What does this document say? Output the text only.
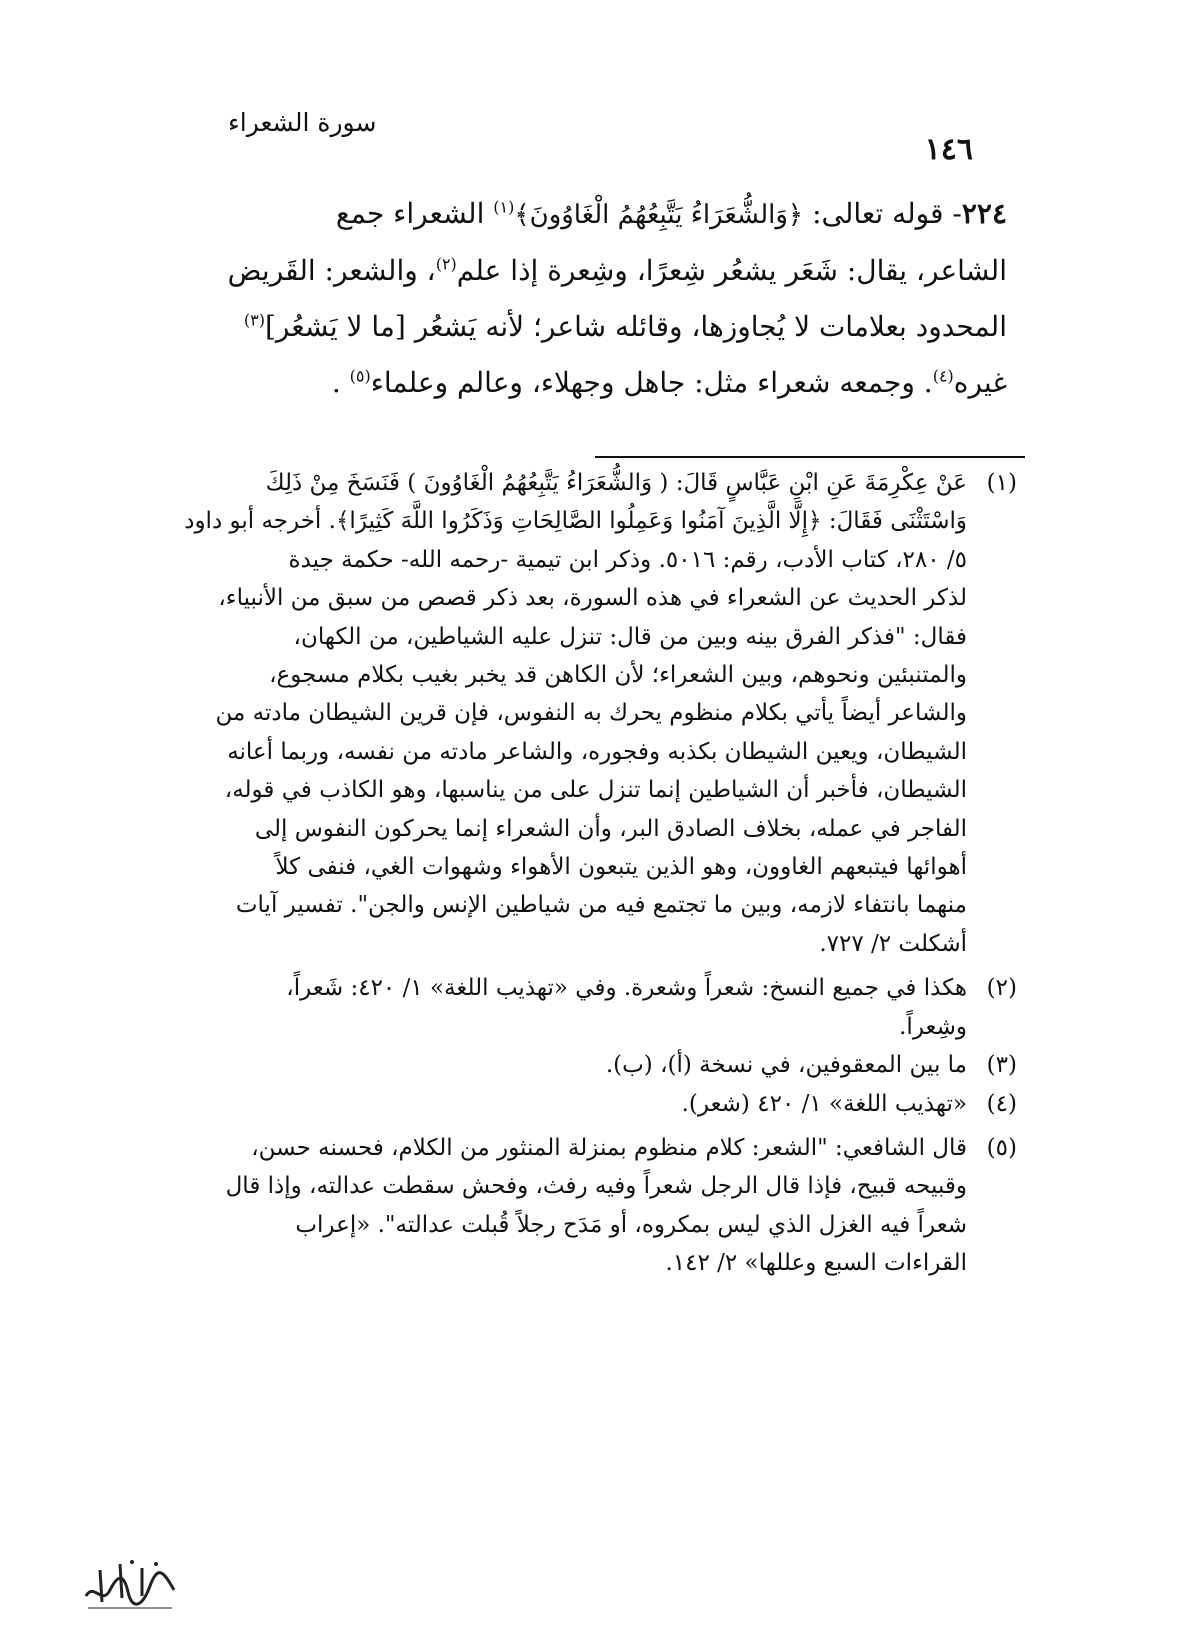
سورة الشعراء
١٤٦
٢٢٤- قوله تعالى: ﴿وَالشُّعَرَاءُ يَتَّبِعُهُمُ الْغَاوُونَ﴾$^{(١)}$ الشعراء جمع
الشاعر، يقال: شَعَر يشعُر شِعرًا، وشِعرة إذا علم$^{(٢)}$، والشعر: القَريض
المحدود بعلامات لا يُجاوزها، وقائله شاعر؛ لأنه يَشعُر [ما لا يَشعُر]$^{(٣)}$
غيره$^{(٤)}$. وجمعه شعراء مثل: جاهل وجهلاء، وعالم وعلماء$^{(٥)}$ .
(١)
عَنْ عِكْرِمَةَ عَنِ ابْنِ عَبَّاسٍ قَالَ: ( وَالشُّعَرَاءُ يَتَّبِعُهُمُ الْغَاوُونَ ) فَنَسَخَ مِنْ ذَلِكَ
وَاسْتَثْنَى فَقَالَ: ﴿إِلَّا الَّذِينَ آمَنُوا وَعَمِلُوا الصَّالِحَاتِ وَذَكَرُوا اللَّهَ كَثِيرًا﴾. أخرجه أبو داود
٥/ ٢٨٠، كتاب الأدب، رقم: ٥٠١٦. وذكر ابن تيمية -رحمه الله- حكمة جيدة
لذكر الحديث عن الشعراء في هذه السورة، بعد ذكر قصص من سبق من الأنبياء،
فقال: "فذكر الفرق بينه وبين من قال: تنزل عليه الشياطين، من الكهان،
والمتنبئين ونحوهم، وبين الشعراء؛ لأن الكاهن قد يخبر بغيب بكلام مسجوع،
والشاعر أيضاً يأتي بكلام منظوم يحرك به النفوس، فإن قرين الشيطان مادته من
الشيطان، ويعين الشيطان بكذبه وفجوره، والشاعر مادته من نفسه، وربما أعانه
الشيطان، فأخبر أن الشياطين إنما تنزل على من يناسبها، وهو الكاذب في قوله،
الفاجر في عمله، بخلاف الصادق البر، وأن الشعراء إنما يحركون النفوس إلى
أهوائها فيتبعهم الغاوون، وهو الذين يتبعون الأهواء وشهوات الغي، فنفى كلاً
منهما بانتفاء لازمه، وبين ما تجتمع فيه من شياطين الإنس والجن". تفسير آيات
أشكلت ٢/ ٧٢٧.
(٢)
هكذا في جميع النسخ: شعراً وشعرة. وفي «تهذيب اللغة» ١/ ٤٢٠: شَعراً،
وشِعراً.
(٣)
ما بين المعقوفين، في نسخة (أ)، (ب).
(٤)
«تهذيب اللغة» ١/ ٤٢٠ (شعر).
(٥)
قال الشافعي: "الشعر: كلام منظوم بمنزلة المنثور من الكلام، فحسنه حسن،
وقبيحه قبيح، فإذا قال الرجل شعراً وفيه رفث، وفحش سقطت عدالته، وإذا قال
شعراً فيه الغزل الذي ليس بمكروه، أو مَدَح رجلاً قُبلت عدالته". «إعراب
القراءات السبع وعللها» ٢/ ١٤٢.
